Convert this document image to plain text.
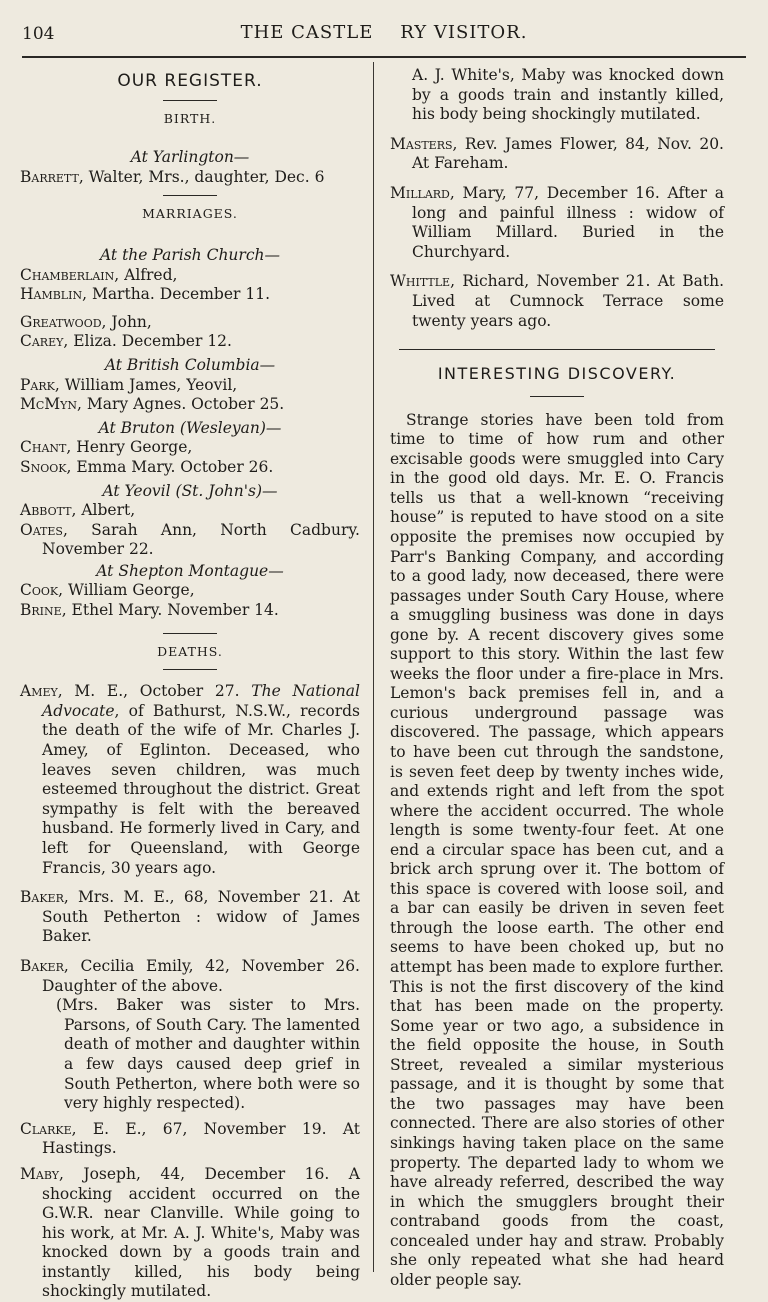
104	THE CASTLE    RY VISITOR.
OUR REGISTER.
BIRTH.

At Yarlington—

Barrett, Walter, Mrs., daughter, Dec. 6

MARRIAGES.

At the Parish Church—

Chamberlain, Alfred,

Hamblin, Martha. December 11.

Greatwood, John,

Carey, Eliza. December 12.

At British Columbia—

Park, William James, Yeovil,

McMyn, Mary Agnes. October 25.

At Bruton (Wesleyan)—

Chant, Henry George,

Snook, Emma Mary. October 26.

At Yeovil (St. John's)—

Abbott, Albert,

Oates, Sarah Ann, North Cadbury. November 22.

At Shepton Montague—

Cook, William George,

Brine, Ethel Mary. November 14.

DEATHS.

Amey, M. E., October 27. The National Advocate, of Bathurst, N.S.W., records the death of the wife of Mr. Charles J. Amey, of Eglinton. Deceased, who leaves seven children, was much esteemed throughout the district. Great sympathy is felt with the bereaved husband. He formerly lived in Cary, and left for Queensland, with George Francis, 30 years ago.

Baker, Mrs. M. E., 68, November 21. At South Petherton : widow of James Baker.

Baker, Cecilia Emily, 42, November 26. Daughter of the above.

(Mrs. Baker was sister to Mrs. Parsons, of South Cary. The lamented death of mother and daughter within a few days caused deep grief in South Petherton, where both were so very highly respected).

Clarke, E. E., 67, November 19. At Hastings.

Maby, Joseph, 44, December 16. A shocking accident occurred on the G.W.R. near Clanville. While going to his work, at Mr. A. J. White's, Maby was knocked down by a goods train and instantly killed, his body being shockingly mutilated.

A. J. White's, Maby was knocked down by a goods train and instantly killed, his body being shockingly mutilated.

Masters, Rev. James Flower, 84, Nov. 20. At Fareham.

Millard, Mary, 77, December 16. After a long and painful illness : widow of William Millard. Buried in the Churchyard.

Whittle, Richard, November 21. At Bath. Lived at Cumnock Terrace some twenty years ago.

INTERESTING DISCOVERY.

Strange stories have been told from time to time of how rum and other excisable goods were smuggled into Cary in the good old days. Mr. E. O. Francis tells us that a well-known “receiving house” is reputed to have stood on a site opposite the premises now occupied by Parr's Banking Company, and according to a good lady, now deceased, there were passages under South Cary House, where a smuggling business was done in days gone by. A recent discovery gives some support to this story. Within the last few weeks the floor under a fire-place in Mrs. Lemon's back premises fell in, and a curious underground passage was discovered. The passage, which appears to have been cut through the sandstone, is seven feet deep by twenty inches wide, and extends right and left from the spot where the accident occurred. The whole length is some twenty-four feet. At one end a circular space has been cut, and a brick arch sprung over it. The bottom of this space is covered with loose soil, and a bar can easily be driven in seven feet through the loose earth. The other end seems to have been choked up, but no attempt has been made to explore further. This is not the first discovery of the kind that has been made on the property. Some year or two ago, a subsidence in the field opposite the house, in South Street, revealed a similar mysterious passage, and it is thought by some that the two passages may have been connected. There are also stories of other sinkings having taken place on the same property. The departed lady to whom we have already referred, described the way in which the smugglers brought their contraband goods from the coast, concealed under hay and straw. Probably she only repeated what she had heard older people say.
